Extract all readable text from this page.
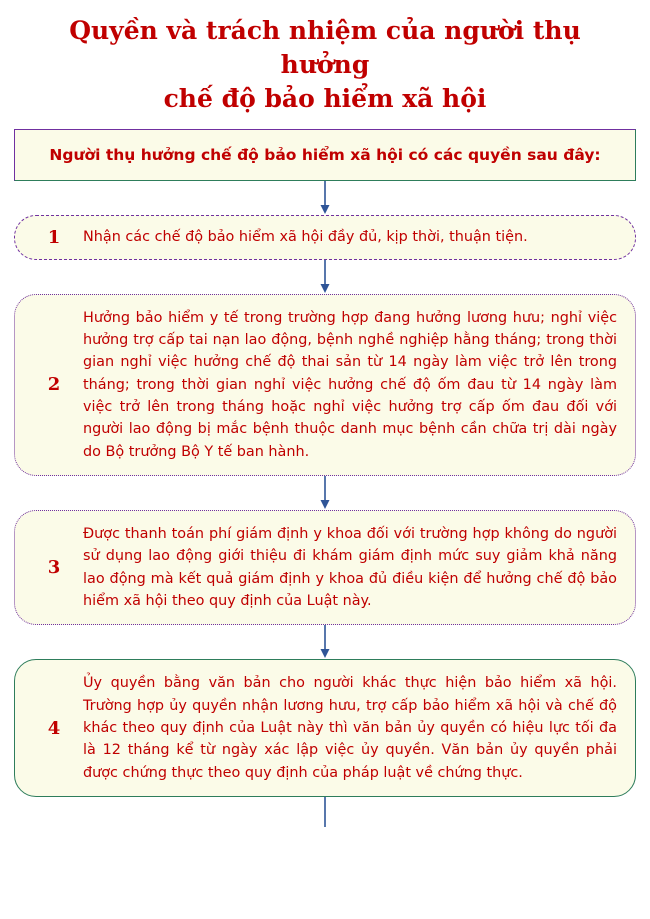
Quyền và trách nhiệm của người thụ hưởng
chế độ bảo hiểm xã hội
Người thụ hưởng chế độ bảo hiểm xã hội có các quyền sau đây:
1	Nhận các chế độ bảo hiểm xã hội đầy đủ, kịp thời, thuận tiện.
2
Hưởng bảo hiểm y tế trong trường hợp đang hưởng lương hưu; nghỉ việc hưởng trợ cấp tai nạn lao động, bệnh nghề nghiệp hằng tháng; trong thời gian nghỉ việc hưởng chế độ thai sản từ 14 ngày làm việc trở lên trong tháng; trong thời gian nghỉ việc hưởng chế độ ốm đau từ 14 ngày làm việc trở lên trong tháng hoặc nghỉ việc hưởng trợ cấp ốm đau đối với người lao động bị mắc bệnh thuộc danh mục bệnh cần chữa trị dài ngày do Bộ trưởng Bộ Y tế ban hành.
3
Được thanh toán phí giám định y khoa đối với trường hợp không do người sử dụng lao động giới thiệu đi khám giám định mức suy giảm khả năng lao động mà kết quả giám định y khoa đủ điều kiện để hưởng chế độ bảo hiểm xã hội theo quy định của Luật này.
4
Ủy quyền bằng văn bản cho người khác thực hiện bảo hiểm xã hội. Trường hợp ủy quyền nhận lương hưu, trợ cấp bảo hiểm xã hội và chế độ khác theo quy định của Luật này thì văn bản ủy quyền có hiệu lực tối đa là 12 tháng kể từ ngày xác lập việc ủy quyền. Văn bản ủy quyền phải được chứng thực theo quy định của pháp luật về chứng thực.
